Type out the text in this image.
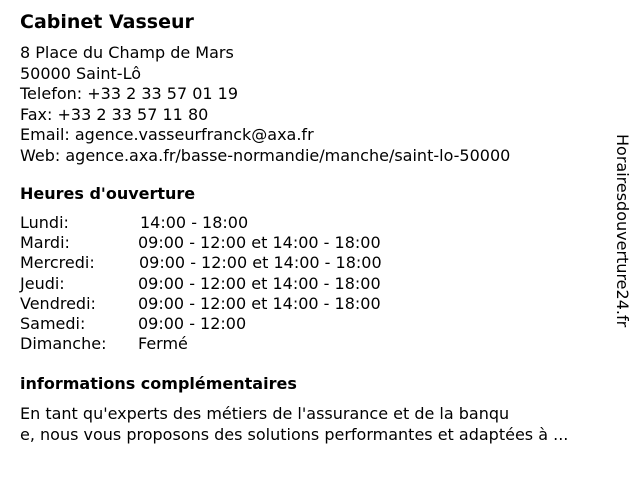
Cabinet Vasseur
8 Place du Champ de Mars
50000 Saint-Lô
Telefon: +33 2 33 57 01 19
Fax: +33 2 33 57 11 80
Email: agence.vasseurfranck@axa.fr
Web: agence.axa.fr/basse-normandie/manche/saint-lo-50000
Heures d'ouverture
Lundi:	14:00 - 18:00
Mardi:	09:00 - 12:00 et 14:00 - 18:00
Mercredi:	09:00 - 12:00 et 14:00 - 18:00
Jeudi:	09:00 - 12:00 et 14:00 - 18:00
Vendredi:	09:00 - 12:00 et 14:00 - 18:00
Samedi:	09:00 - 12:00
Dimanche: Fermé
informations complémentaires
En tant qu'experts des métiers de l'assurance et de la banqu
e, nous vous proposons des solutions performantes et adaptées à ...
Horairesdouverture24.fr
